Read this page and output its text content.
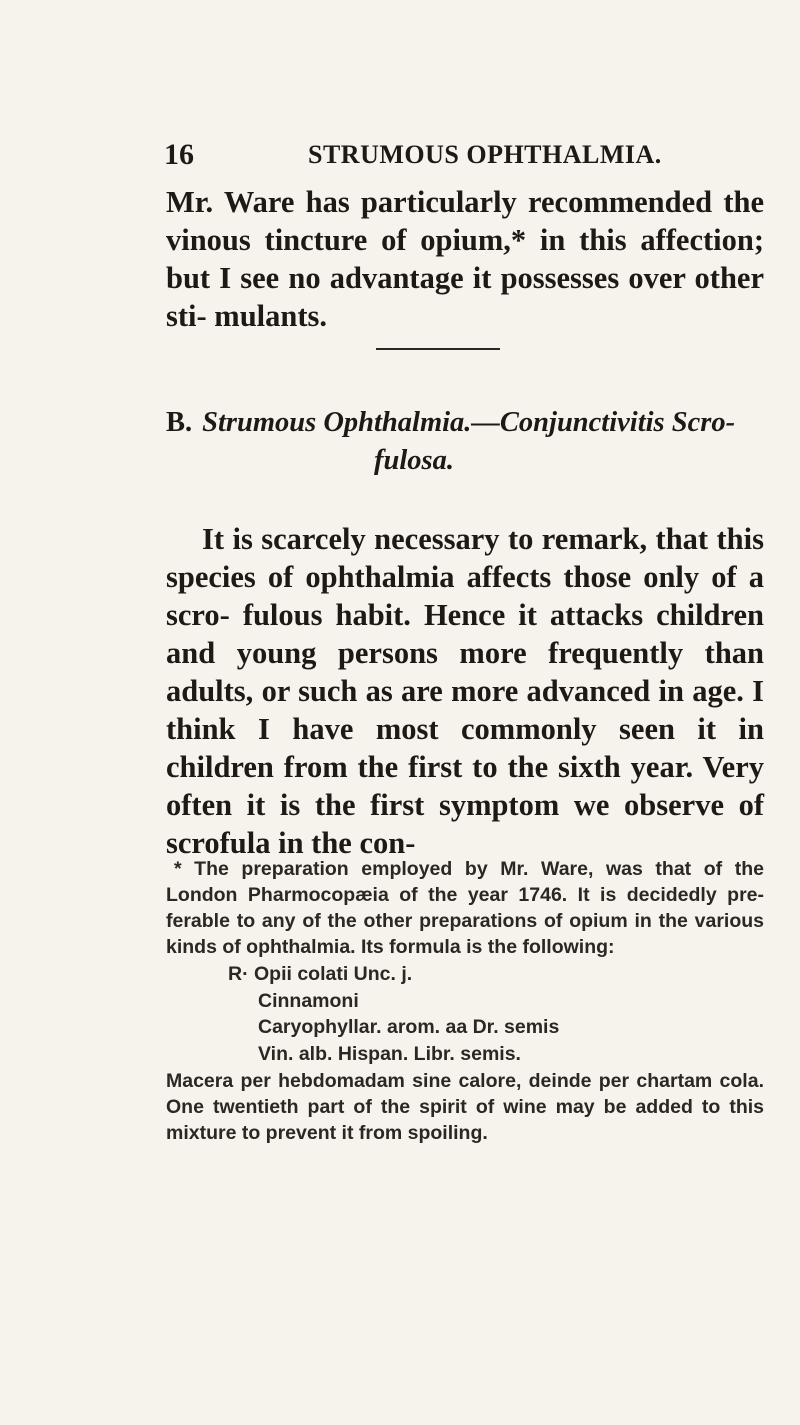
16	STRUMOUS OPHTHALMIA.

Mr. Ware has particularly recommended the vinous tincture of opium,* in this affection; but I see no advantage it possesses over other sti- mulants.

B. Strumous Ophthalmia.—Conjunctivitis Scro-
fulosa.

It is scarcely necessary to remark, that this species of ophthalmia affects those only of a scro- fulous habit. Hence it attacks children and young persons more frequently than adults, or such as are more advanced in age. I think I have most commonly seen it in children from the first to the sixth year. Very often it is the first symptom we observe of scrofula in the con-

* The preparation employed by Mr. Ware, was that of the London Pharmocopæia of the year 1746. It is decidedly pre- ferable to any of the other preparations of opium in the various kinds of ophthalmia. Its formula is the following:

R· Opii colati Unc. j.
Cinnamoni
Caryophyllar. arom. aa Dr. semis
Vin. alb. Hispan. Libr. semis.

Macera per hebdomadam sine calore, deinde per chartam cola. One twentieth part of the spirit of wine may be added to this mixture to prevent it from spoiling.
